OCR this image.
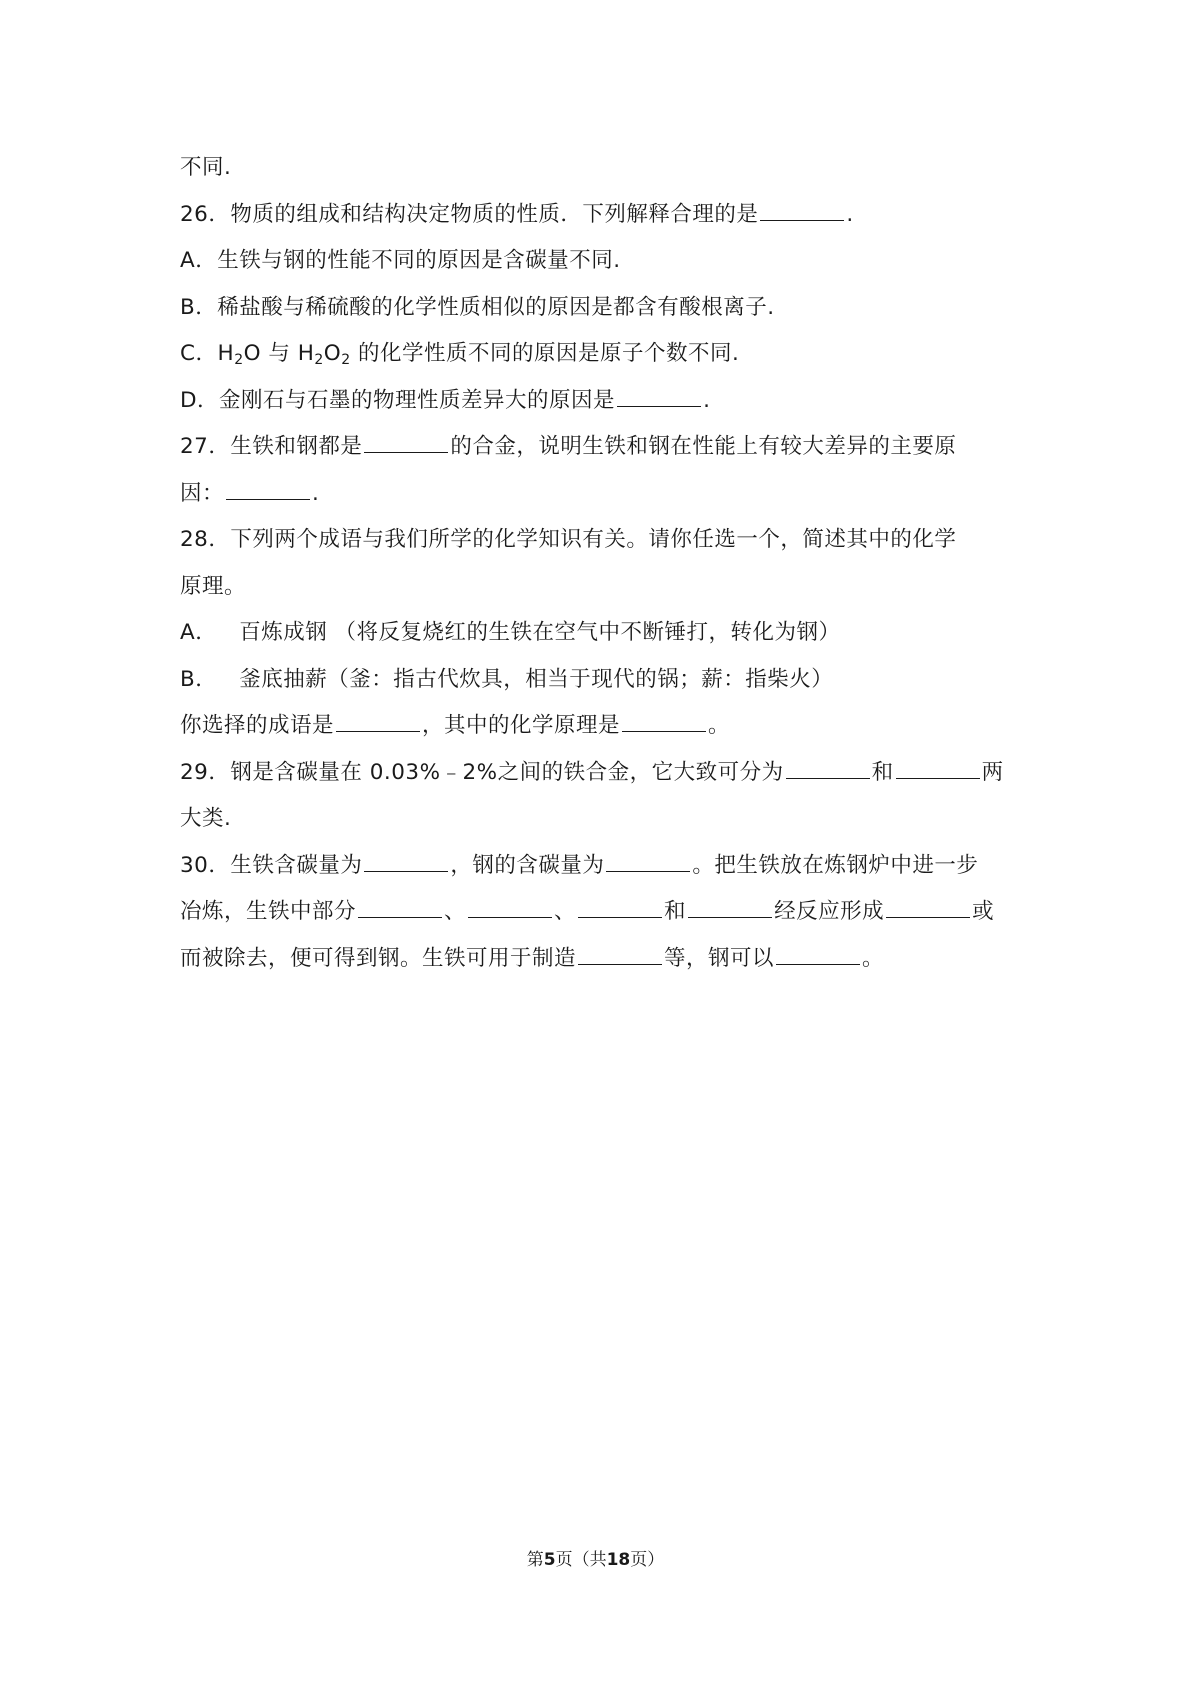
不同.
26．物质的组成和结构决定物质的性质．下列解释合理的是	.
A．生铁与钢的性能不同的原因是含碳量不同.
B．稀盐酸与稀硫酸的化学性质相似的原因是都含有酸根离子.
C．$H_2O$ 与 $H_2O_2$ 的化学性质不同的原因是原子个数不同.
D．金刚石与石墨的物理性质差异大的原因是	.
27．生铁和钢都是	的合金，说明生铁和钢在性能上有较大差异的主要原
因：	.
28．下列两个成语与我们所学的化学知识有关。请你任选一个，简述其中的化学
原理。
A． 百炼成钢 （将反复烧红的生铁在空气中不断锤打，转化为钢）
B． 釜底抽薪（釜：指古代炊具，相当于现代的锅；薪：指柴火）
你选择的成语是	，其中的化学原理是	。
29．钢是含碳量在 0.03%﹣2%之间的铁合金，它大致可分为	和	两
大类.
30．生铁含碳量为	，钢的含碳量为	。把生铁放在炼钢炉中进一步
冶炼，生铁中部分	、	、	和	经反应形成	或
而被除去，便可得到钢。生铁可用于制造	等，钢可以	。
第5页（共18页）
